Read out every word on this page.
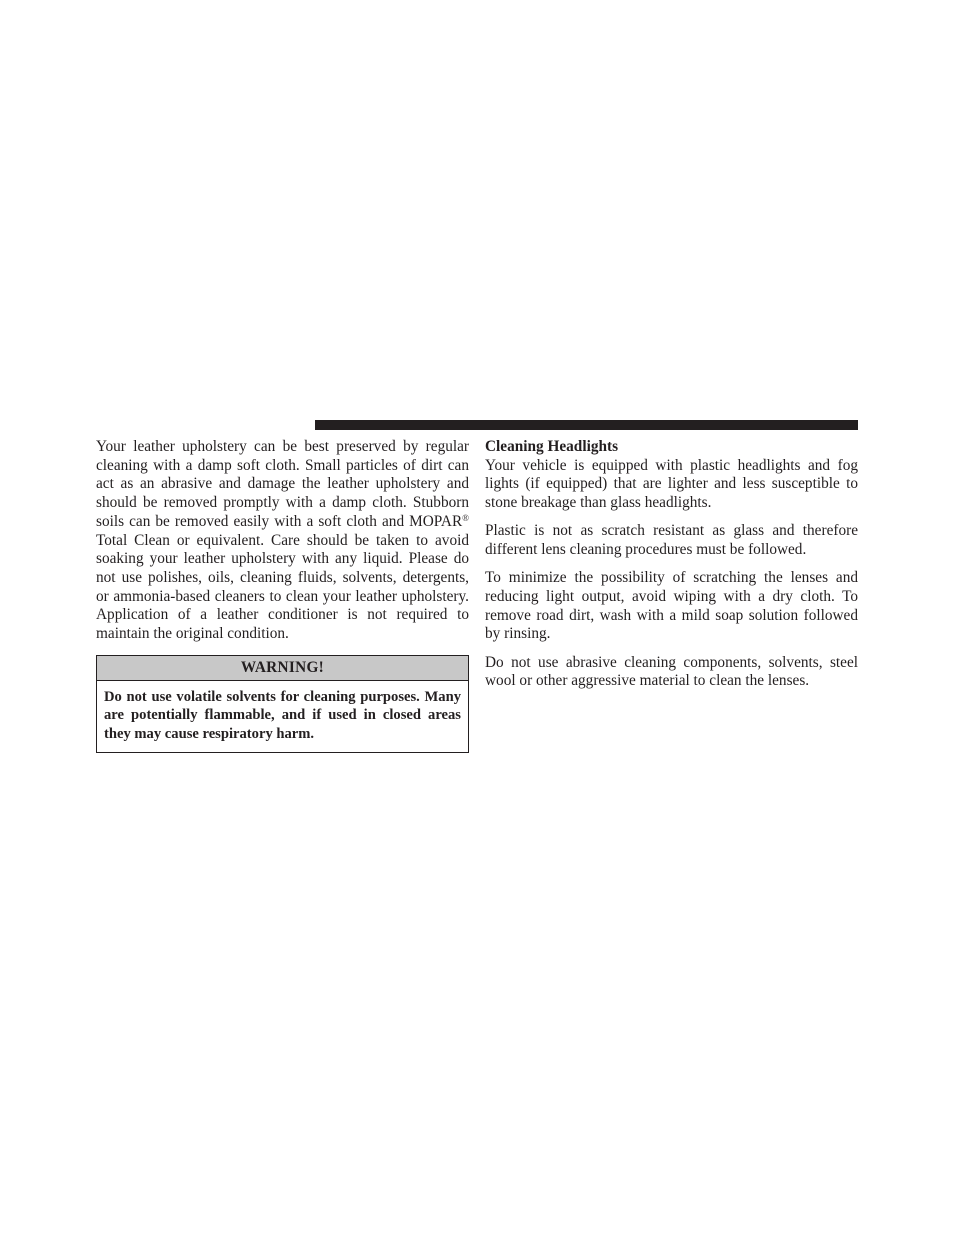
Your leather upholstery can be best preserved by regular cleaning with a damp soft cloth. Small particles of dirt can act as an abrasive and damage the leather upholstery and should be removed promptly with a damp cloth. Stubborn soils can be removed easily with a soft cloth and MOPAR® Total Clean or equivalent. Care should be taken to avoid soaking your leather upholstery with any liquid. Please do not use polishes, oils, cleaning fluids, solvents, detergents, or ammonia-based cleaners to clean your leather upholstery. Application of a leather conditioner is not required to maintain the original condition.

WARNING!
Do not use volatile solvents for cleaning purposes. Many are potentially flammable, and if used in closed areas they may cause respiratory harm.
Cleaning Headlights

Your vehicle is equipped with plastic headlights and fog lights (if equipped) that are lighter and less susceptible to stone breakage than glass headlights.

Plastic is not as scratch resistant as glass and therefore different lens cleaning procedures must be followed.

To minimize the possibility of scratching the lenses and reducing light output, avoid wiping with a dry cloth. To remove road dirt, wash with a mild soap solution followed by rinsing.

Do not use abrasive cleaning components, solvents, steel wool or other aggressive material to clean the lenses.
